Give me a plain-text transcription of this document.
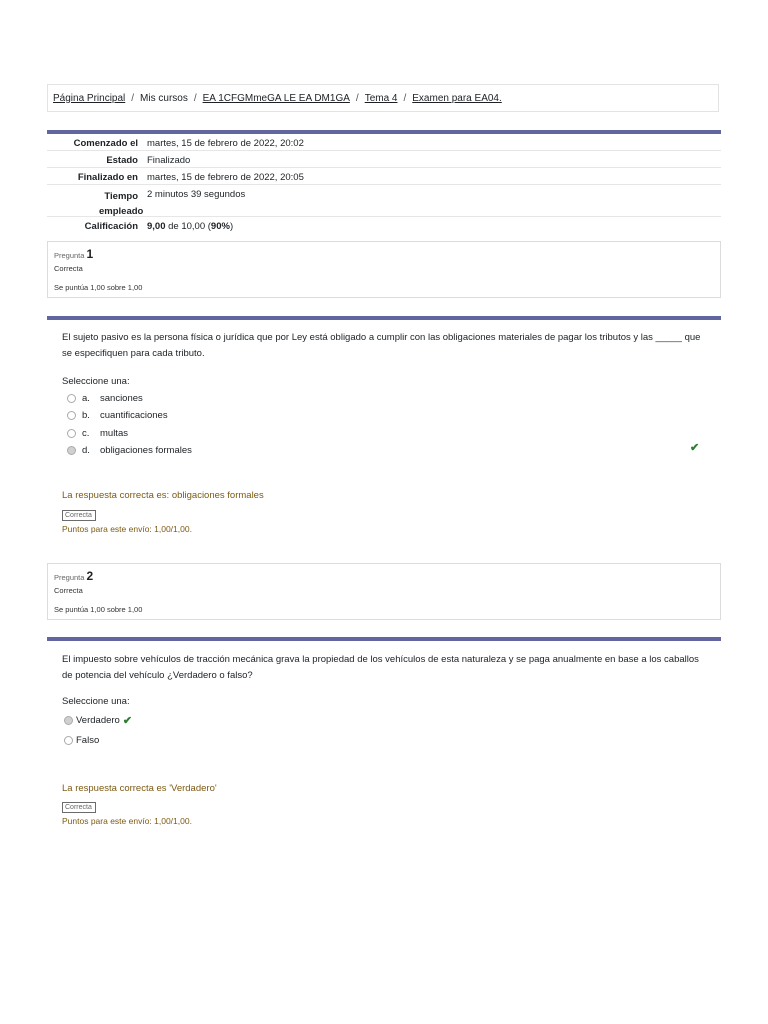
Página Principal / Mis cursos / EA 1CFGMmeGA LE EA DM1GA / Tema 4 / Examen para EA04.
Comenzado el martes, 15 de febrero de 2022, 20:02
Estado Finalizado
Finalizado en martes, 15 de febrero de 2022, 20:05
Tiempo empleado
2 minutos 39 segundos
Calificación 9,00 de 10,00 (90%)
Pregunta 1
Correcta
Se puntúa 1,00 sobre 1,00
El sujeto pasivo es la persona física o jurídica que por Ley está obligado a cumplir con las obligaciones materiales de pagar los tributos y las _____ que se especifiquen para cada tributo.
Seleccione una:
a.	sanciones
b.	cuantificaciones
c.	multas
d.	obligaciones formales	✔
La respuesta correcta es: obligaciones formales
Correcta
Puntos para este envío: 1,00/1,00.
Pregunta 2
Correcta
Se puntúa 1,00 sobre 1,00
El impuesto sobre vehículos de tracción mecánica grava la propiedad de los vehículos de esta naturaleza y se paga anualmente en base a los caballos de potencia del vehículo ¿Verdadero o falso?
Seleccione una:
Verdadero ✔
Falso
La respuesta correcta es 'Verdadero'
Correcta
Puntos para este envío: 1,00/1,00.
